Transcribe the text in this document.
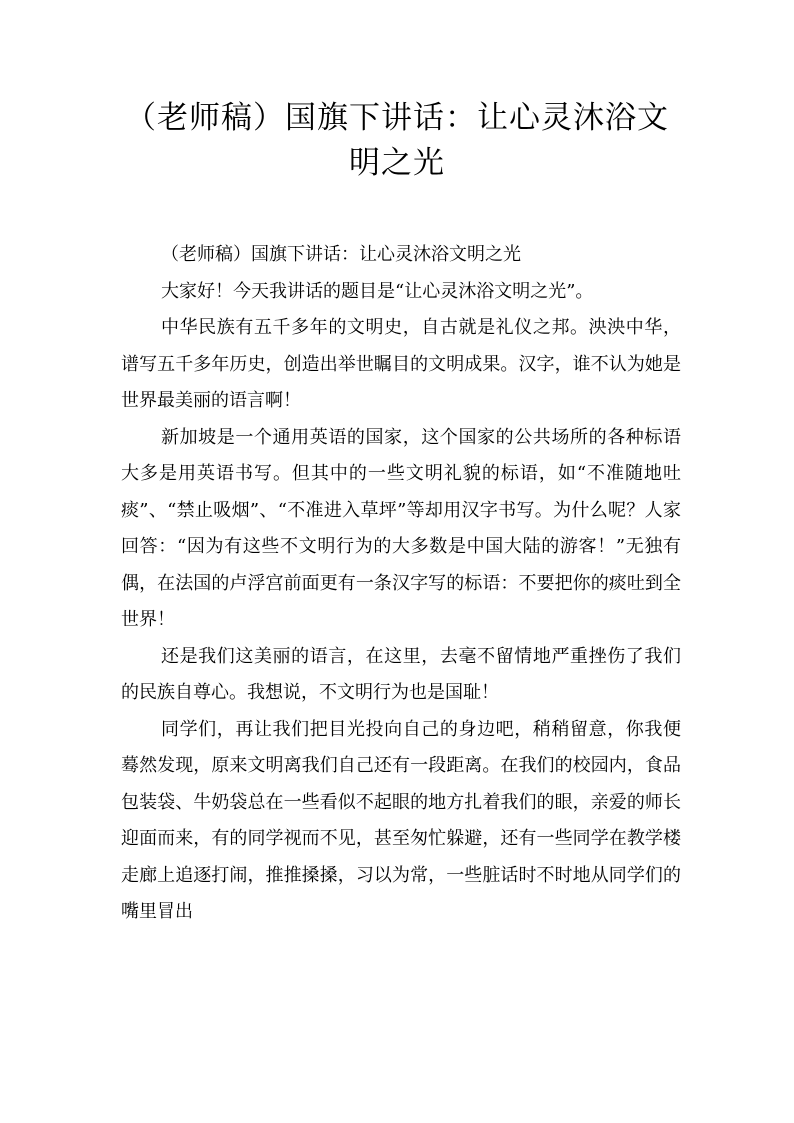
（老师稿）国旗下讲话：让心灵沐浴文明之光

（老师稿）国旗下讲话：让心灵沐浴文明之光

大家好！今天我讲话的题目是“让心灵沐浴文明之光”。

中华民族有五千多年的文明史，自古就是礼仪之邦。泱泱中华，谱写五千多年历史，创造出举世瞩目的文明成果。汉字，谁不认为她是世界最美丽的语言啊！

新加坡是一个通用英语的国家，这个国家的公共场所的各种标语大多是用英语书写。但其中的一些文明礼貌的标语，如“不准随地吐痰”、“禁止吸烟”、“不准进入草坪”等却用汉字书写。为什么呢？人家回答：“因为有这些不文明行为的大多数是中国大陆的游客！”无独有偶，在法国的卢浮宫前面更有一条汉字写的标语：不要把你的痰吐到全世界！

还是我们这美丽的语言，在这里，去毫不留情地严重挫伤了我们的民族自尊心。我想说，不文明行为也是国耻！

同学们，再让我们把目光投向自己的身边吧，稍稍留意，你我便蓦然发现，原来文明离我们自己还有一段距离。在我们的校园内，食品包装袋、牛奶袋总在一些看似不起眼的地方扎着我们的眼，亲爱的师长迎面而来，有的同学视而不见，甚至匆忙躲避，还有一些同学在教学楼走廊上追逐打闹，推推搡搡，习以为常，一些脏话时不时地从同学们的嘴里冒出
